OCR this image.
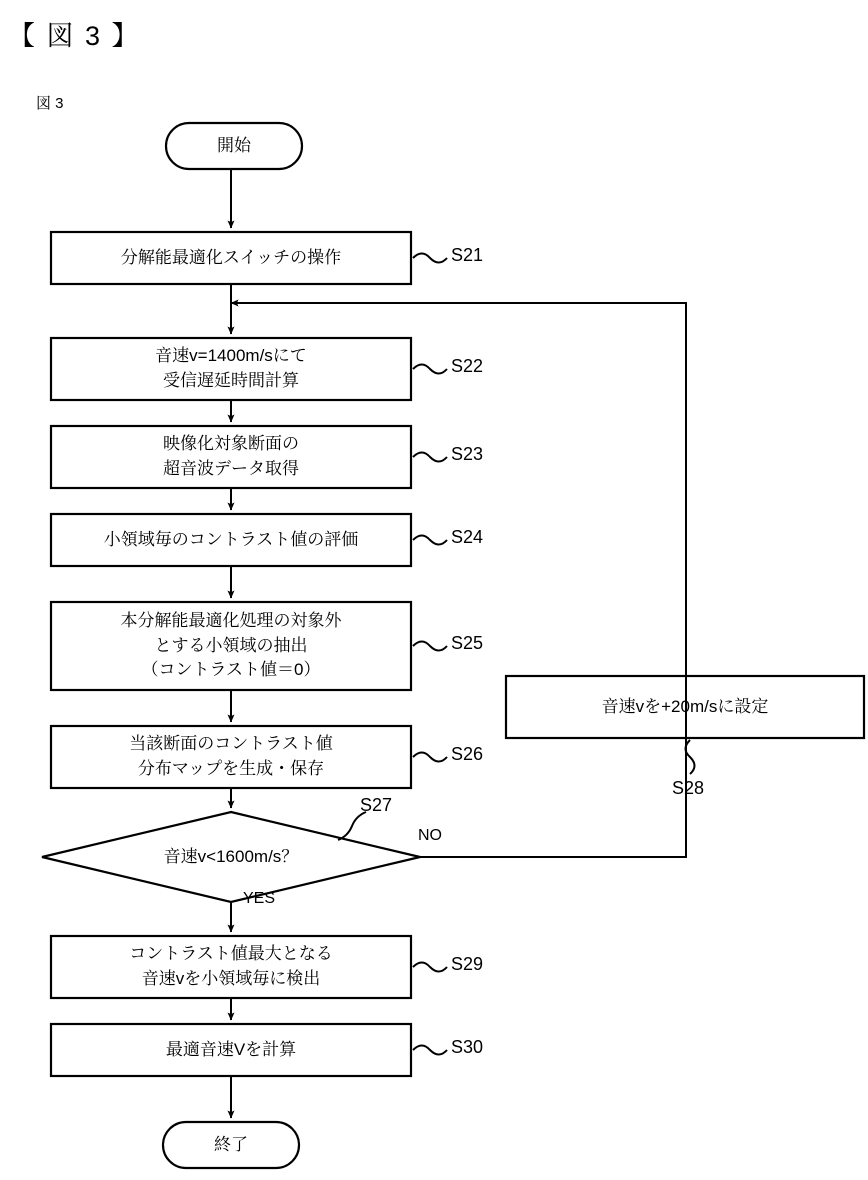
【 図 3 】
図 3
開始
分解能最適化スイッチの操作
音速v=1400m/sにて
受信遅延時間計算
映像化対象断面の
超音波データ取得
小領域毎のコントラスト値の評価
本分解能最適化処理の対象外
とする小領域の抽出
（コントラスト値＝0）
当該断面のコントラスト値
分布マップを生成・保存
音速v<1600m/s？
音速vを+20m/sに設定
コントラスト値最大となる
音速vを小領域毎に検出
最適音速Vを計算
終了
S21
S22
S23
S24
S25
S26
S27
S28
S29
S30
NO
YES
